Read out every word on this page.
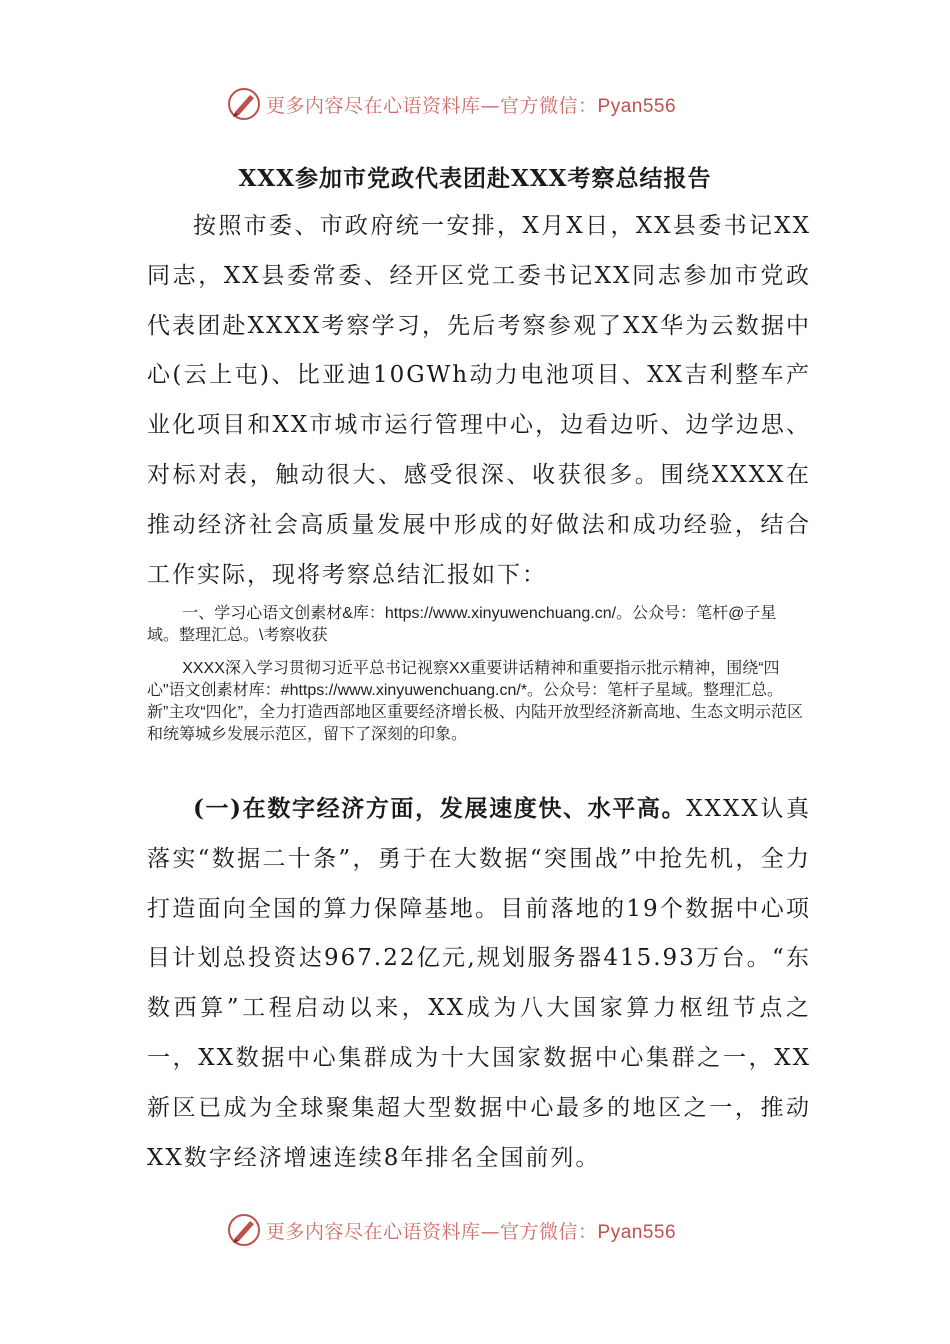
更多内容尽在心语资料库—官方微信：Pyan556
XXX参加市党政代表团赴XXX考察总结报告
按照市委、市政府统一安排，X月X日，XX县委书记XX同志，XX县委常委、经开区党工委书记XX同志参加市党政代表团赴XXXX考察学习，先后考察参观了XX华为云数据中心(云上屯)、比亚迪10GWh动力电池项目、XX吉利整车产业化项目和XX市城市运行管理中心，边看边听、边学边思、对标对表，触动很大、感受很深、收获很多。围绕XXXX在推动经济社会高质量发展中形成的好做法和成功经验，结合工作实际，现将考察总结汇报如下：
一、学习心语文创素材&库：https://www.xinyuwenchuang.cn/。公众号：笔杆@子星域。整理汇总。\考察收获
XXXX深入学习贯彻习近平总书记视察XX重要讲话精神和重要指示批示精神，围绕“四心"语文创素材库：#https://www.xinyuwenchuang.cn/*。公众号：笔杆子星域。整理汇总。新”主攻“四化”，全力打造西部地区重要经济增长极、内陆开放型经济新高地、生态文明示范区和统筹城乡发展示范区，留下了深刻的印象。
(一)在数字经济方面，发展速度快、水平高。XXXX认真落实“数据二十条”，勇于在大数据“突围战”中抢先机，全力打造面向全国的算力保障基地。目前落地的19个数据中心项目计划总投资达967.22亿元,规划服务器415.93万台。“东数西算”工程启动以来，XX成为八大国家算力枢纽节点之一，XX数据中心集群成为十大国家数据中心集群之一，XX新区已成为全球聚集超大型数据中心最多的地区之一，推动XX数字经济增速连续8年排名全国前列。
更多内容尽在心语资料库—官方微信：Pyan556
